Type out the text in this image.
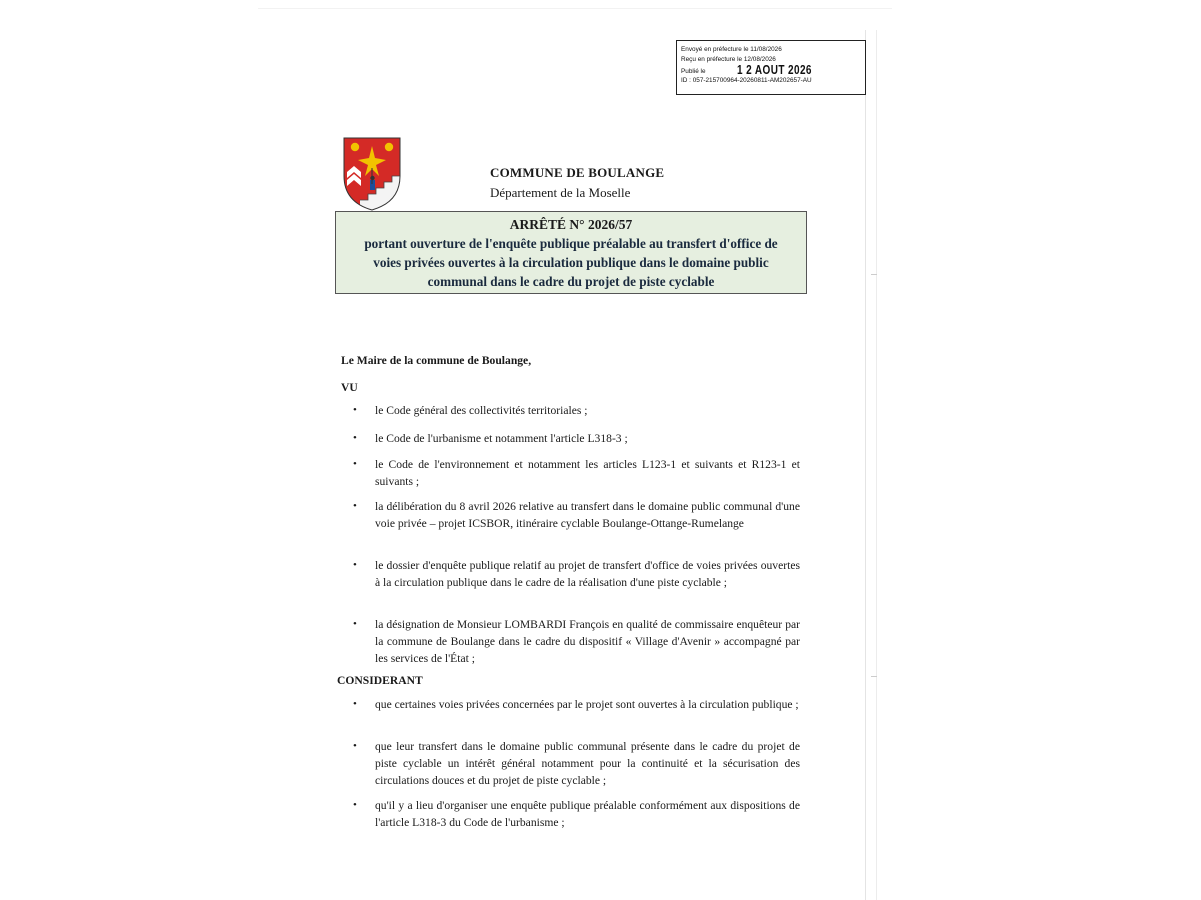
Envoyé en préfecture le 11/08/2026
Reçu en préfecture le 12/08/2026
Publié le	1 2 AOUT 2026
ID : 057-215700964-20260811-AM202657-AU
COMMUNE DE BOULANGE
Département de la Moselle
ARRÊTÉ N° 2026/57
portant ouverture de l'enquête publique préalable au transfert d'office de
voies privées ouvertes à la circulation publique dans le domaine public
communal dans le cadre du projet de piste cyclable
Le Maire de la commune de Boulange,
VU
• le Code général des collectivités territoriales ;
• le Code de l'urbanisme et notamment l'article L318-3 ;
• le Code de l'environnement et notamment les articles L123-1 et suivants et R123-1 et suivants ;
• la délibération du 8 avril 2026 relative au transfert dans le domaine public communal d'une voie privée – projet ICSBOR, itinéraire cyclable Boulange-Ottange-Rumelange
• le dossier d'enquête publique relatif au projet de transfert d'office de voies privées ouvertes à la circulation publique dans le cadre de la réalisation d'une piste cyclable ;
• la désignation de Monsieur LOMBARDI François en qualité de commissaire enquêteur par la commune de Boulange dans le cadre du dispositif « Village d'Avenir » accompagné par les services de l'État ;
CONSIDERANT
• que certaines voies privées concernées par le projet sont ouvertes à la circulation publique ;
• que leur transfert dans le domaine public communal présente dans le cadre du projet de piste cyclable un intérêt général notamment pour la continuité et la sécurisation des circulations douces et du projet de piste cyclable ;
• qu'il y a lieu d'organiser une enquête publique préalable conformément aux dispositions de l'article L318-3 du Code de l'urbanisme ;
